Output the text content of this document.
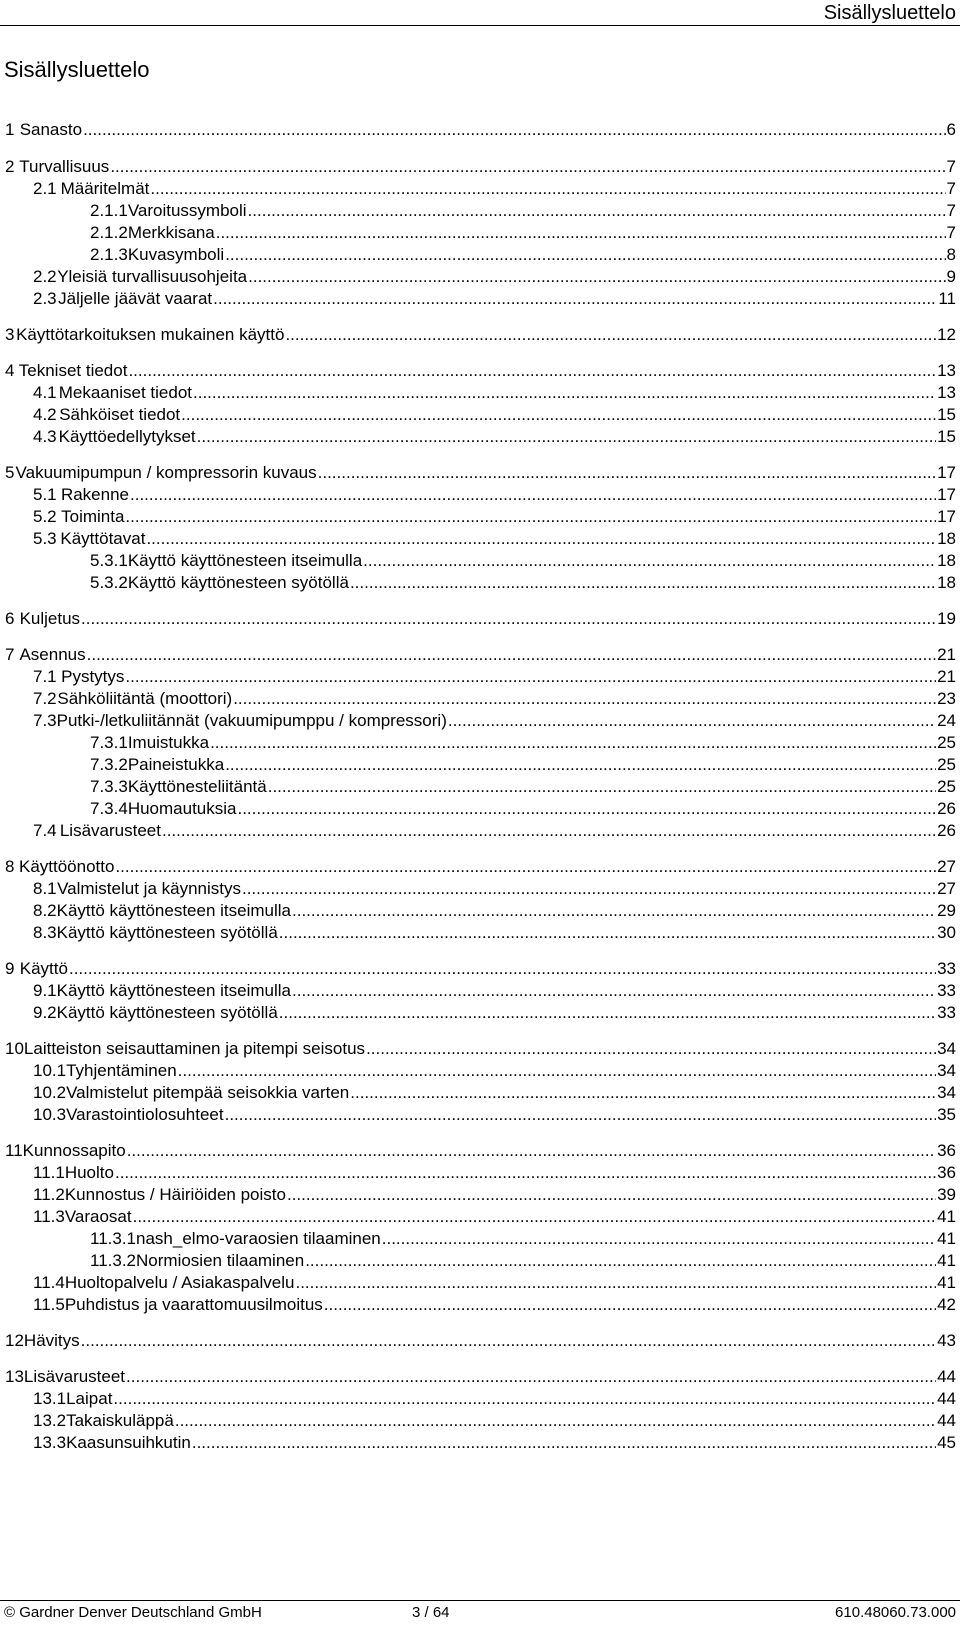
Sisällysluettelo
Sisällysluettelo
1 Sanasto .....	6
2 Turvallisuus .....	7
2.1 Määritelmät .....	7
2.1.1 Varoitussymboli .....	7
2.1.2 Merkkisana .....	7
2.1.3 Kuvasymboli .....	8
2.2 Yleisiä turvallisuusohjeita .....	9
2.3 Jäljelle jäävät vaarat .....	11
3 Käyttötarkoituksen mukainen käyttö .....	12
4 Tekniset tiedot .....	13
4.1 Mekaaniset tiedot .....	13
4.2 Sähköiset tiedot .....	15
4.3 Käyttöedellytykset .....	15
5 Vakuumipumpun / kompressorin kuvaus .....	17
5.1 Rakenne .....	17
5.2 Toiminta .....	17
5.3 Käyttötavat .....	18
5.3.1 Käyttö käyttönesteen itseimulla .....	18
5.3.2 Käyttö käyttönesteen syötöllä .....	18
6 Kuljetus .....	19
7 Asennus .....	21
7.1 Pystytys .....	21
7.2 Sähköliitäntä (moottori) .....	23
7.3 Putki-/letkuliitännät (vakuumipumppu / kompressori) .....	24
7.3.1 Imuistukka .....	25
7.3.2 Paineistukka .....	25
7.3.3 Käyttönesteliitäntä .....	25
7.3.4 Huomautuksia .....	26
7.4 Lisävarusteet .....	26
8 Käyttöönotto .....	27
8.1 Valmistelut ja käynnistys .....	27
8.2 Käyttö käyttönesteen itseimulla .....	29
8.3 Käyttö käyttönesteen syötöllä .....	30
9 Käyttö .....	33
9.1 Käyttö käyttönesteen itseimulla .....	33
9.2 Käyttö käyttönesteen syötöllä .....	33
10 Laitteiston seisauttaminen ja pitempi seisotus .....	34
10.1 Tyhjentäminen .....	34
10.2 Valmistelut pitempää seisokkia varten .....	34
10.3 Varastointiolosuhteet .....	35
11 Kunnossapito .....	36
11.1 Huolto .....	36
11.2 Kunnostus / Häiriöiden poisto .....	39
11.3 Varaosat .....	41
11.3.1 nash_elmo-varaosien tilaaminen .....	41
11.3.2 Normiosien tilaaminen .....	41
11.4 Huoltopalvelu / Asiakaspalvelu .....	41
11.5 Puhdistus ja vaarattomuusilmoitus .....	42
12 Hävitys .....	43
13 Lisävarusteet .....	44
13.1 Laipat .....	44
13.2 Takaiskuläppä .....	44
13.3 Kaasunsuihkutin .....	45
© Gardner Denver Deutschland GmbH	3 / 64	610.48060.73.000
